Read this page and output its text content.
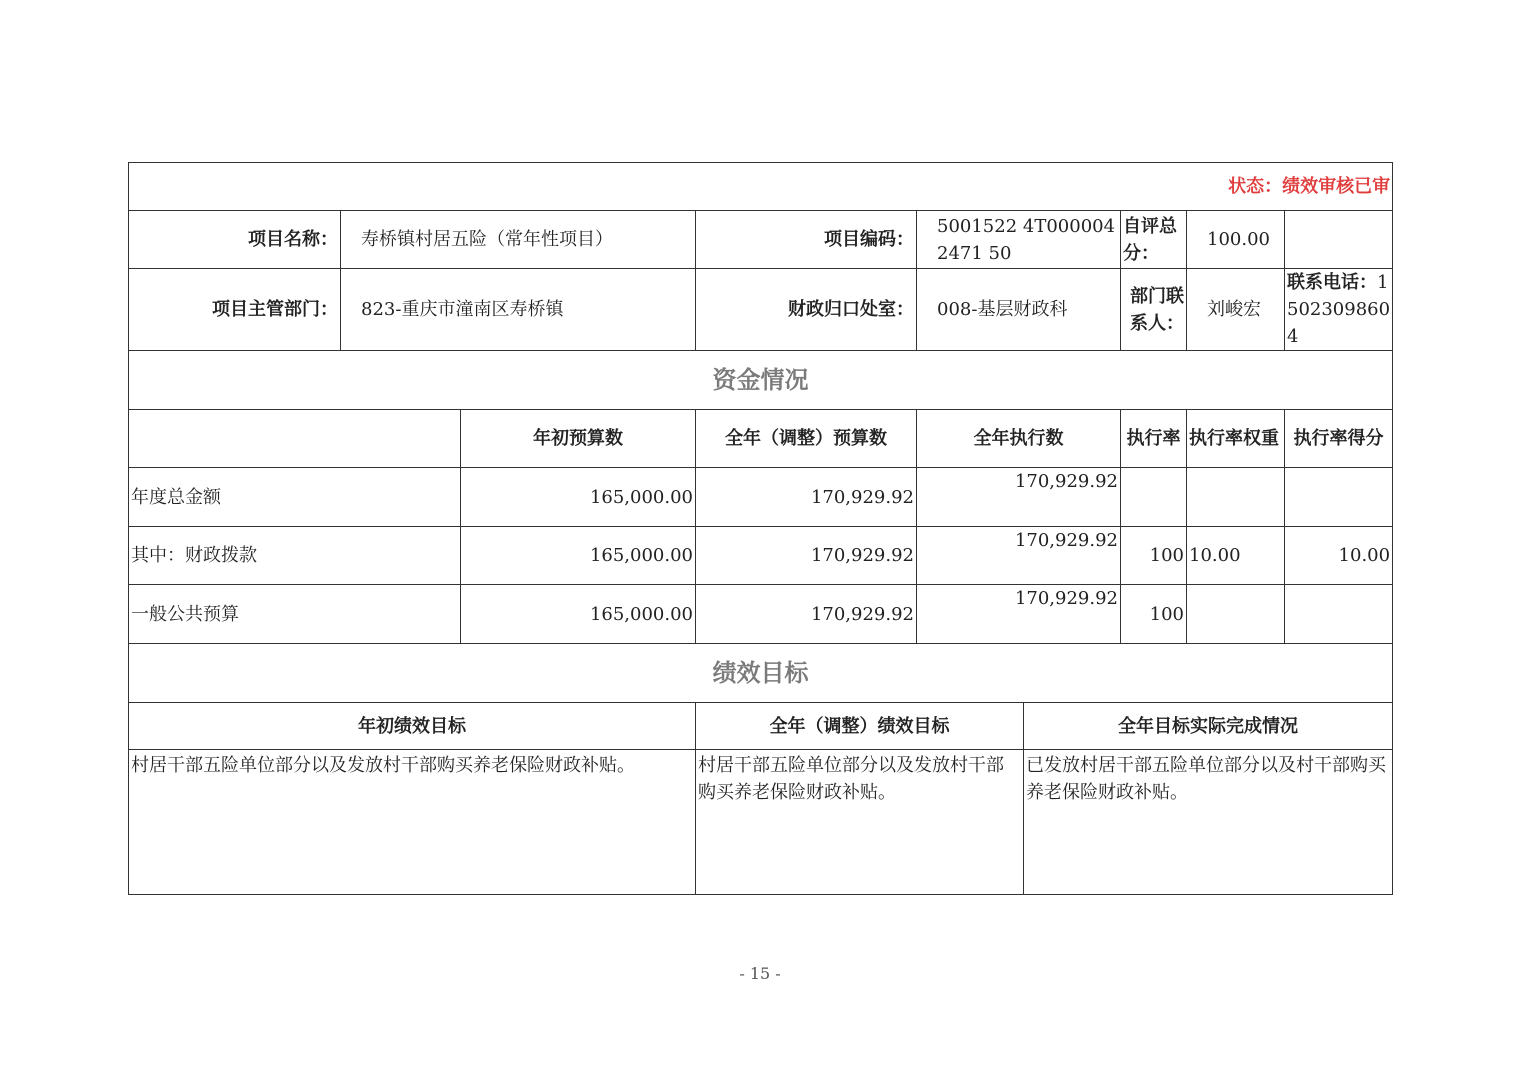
状态：绩效审核已审								
项目名称：	寿桥镇村居五险（常年性项目）		项目编码：	5001522 4T0000042471 50		自评总分：	100.00	
项目主管部门：	823-重庆市潼南区寿桥镇		财政归口处室：	008-基层财政科		部门联系人：	刘峻宏	联系电话：15023098604
资金情况								
		年初预算数	全年（调整）预算数	全年执行数		执行率	执行率权重	执行率得分
年度总金额		165,000.00	170,929.92	170,929.92				
其中：财政拨款		165,000.00	170,929.92	170,929.92		100	10.00	10.00
一般公共预算		165,000.00	170,929.92	170,929.92		100		
绩效目标								
年初绩效目标			全年（调整）绩效目标		全年目标实际完成情况			
村居干部五险单位部分以及发放村干部购买养老保险财政补贴。			村居干部五险单位部分以及发放村干部购买养老保险财政补贴。		已发放村居干部五险单位部分以及村干部购买养老保险财政补贴。			
- 15 -
